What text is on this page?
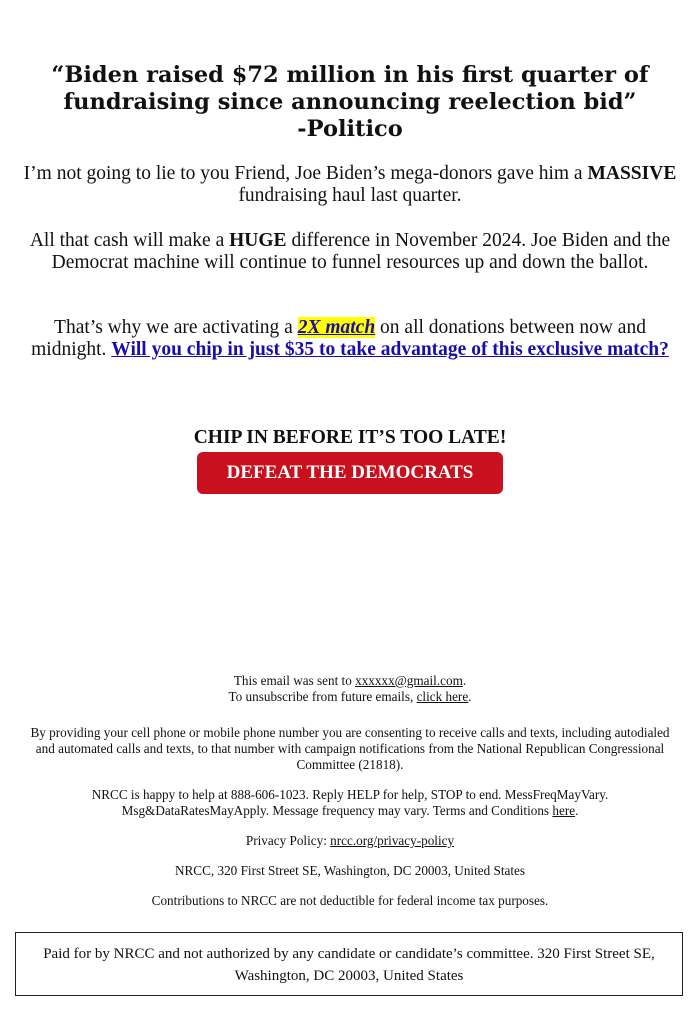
“Biden raised $72 million in his first quarter of
fundraising since announcing reelection bid”
-Politico
I’m not going to lie to you Friend, Joe Biden’s mega-donors gave him a MASSIVE fundraising haul last quarter.
All that cash will make a HUGE difference in November 2024. Joe Biden and the Democrat machine will continue to funnel resources up and down the ballot.
That’s why we are activating a 2X match on all donations between now and midnight. Will you chip in just $35 to take advantage of this exclusive match?
CHIP IN BEFORE IT’S TOO LATE!
DEFEAT THE DEMOCRATS
This email was sent to xxxxxx@gmail.com.
To unsubscribe from future emails, click here.
By providing your cell phone or mobile phone number you are consenting to receive calls and texts, including autodialed and automated calls and texts, to that number with campaign notifications from the National Republican Congressional Committee (21818).
NRCC is happy to help at 888-606-1023. Reply HELP for help, STOP to end. MessFreqMayVary. Msg&DataRatesMayApply. Message frequency may vary. Terms and Conditions here.
Privacy Policy: nrcc.org/privacy-policy
NRCC, 320 First Street SE, Washington, DC 20003, United States
Contributions to NRCC are not deductible for federal income tax purposes.
Paid for by NRCC and not authorized by any candidate or candidate’s committee. 320 First Street SE, Washington, DC 20003, United States
